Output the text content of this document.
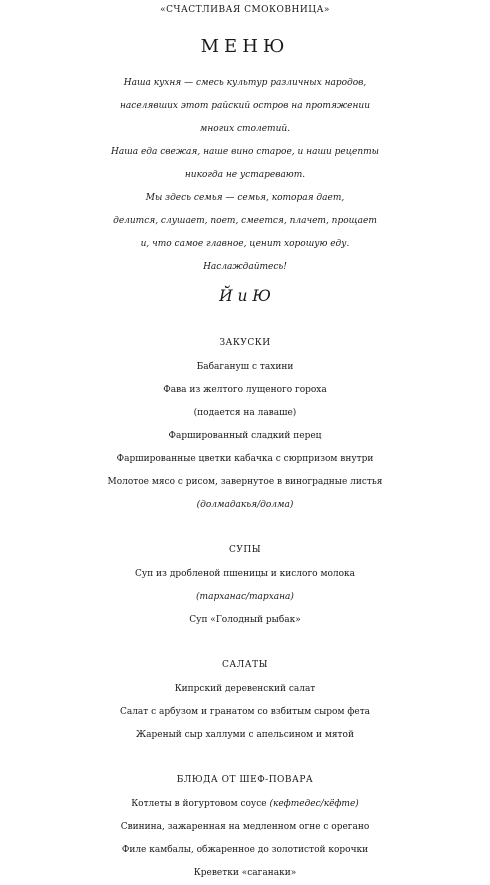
«СЧАСТЛИВАЯ СМОКОВНИЦА»
МЕНЮ
Наша кухня — смесь культур различных народов,
населявших этот райский остров на протяжении
многих столетий.
Наша еда свежая, наше вино старое, и наши рецепты
никогда не устаревают.
Мы здесь семья — семья, которая дает,
делится, слушает, поет, смеется, плачет, прощает
и, что самое главное, ценит хорошую еду.
Наслаждайтесь!
Й и Ю
ЗАКУСКИ
Бабагануш с тахини
Фава из желтого лущеного гороха
(подается на лаваше)
Фаршированный сладкий перец
Фаршированные цветки кабачка с сюрпризом внутри
Молотое мясо с рисом, завернутое в виноградные листья
(долмадакья/долма)
СУПЫ
Суп из дробленой пшеницы и кислого молока
(тарханас/тархана)
Суп «Голодный рыбак»
САЛАТЫ
Кипрский деревенский салат
Салат с арбузом и гранатом со взбитым сыром фета
Жареный сыр халлуми с апельсином и мятой
БЛЮДА ОТ ШЕФ-ПОВАРА
Котлеты в йогуртовом соусе (кефтедес/кёфте)
Свинина, зажаренная на медленном огне с орегано
Филе камбалы, обжаренное до золотистой корочки
Креветки «саганаки»
